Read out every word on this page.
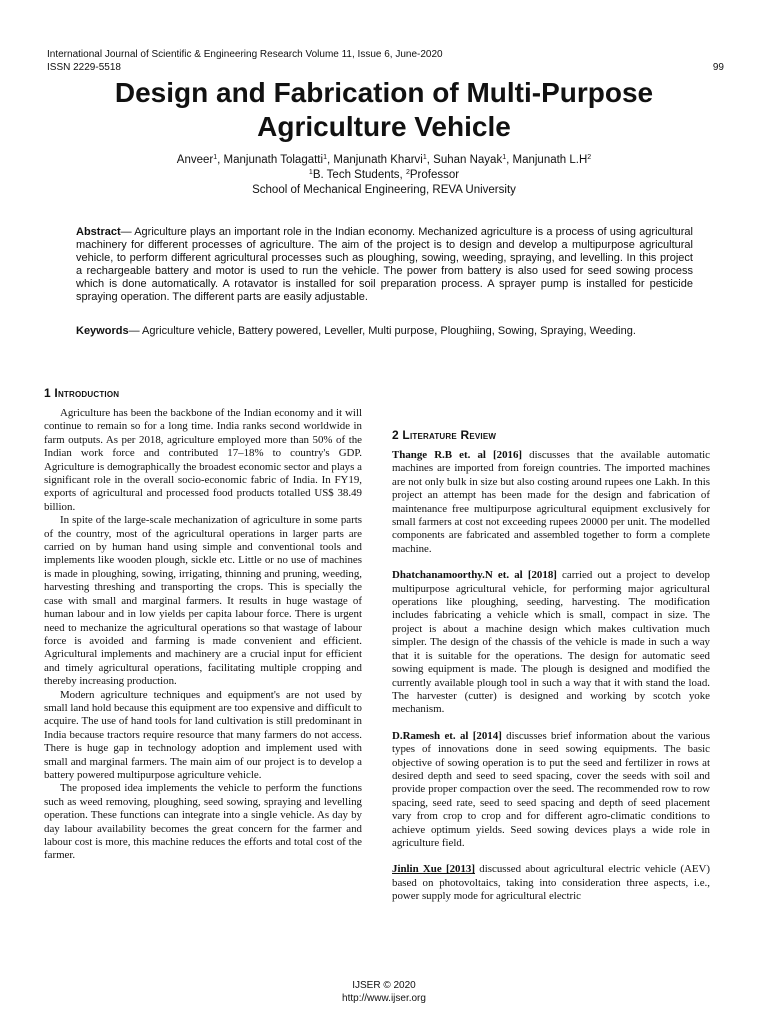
International Journal of Scientific & Engineering Research Volume 11, Issue 6, June-2020
ISSN 2229-5518	99
Design and Fabrication of Multi-Purpose Agriculture Vehicle
Anveer$^1$, Manjunath Tolagatti$^1$, Manjunath Kharvi$^1$, Suhan Nayak$^1$, Manjunath $L.H^2$
$^1$B. Tech Students, $^2$Professor
School of Mechanical Engineering, REVA University

Abstract— Agriculture plays an important role in the Indian economy. Mechanized agriculture is a process of using agricultural machinery for different processes of agriculture. The aim of the project is to design and develop a multipurpose agricultural vehicle, to perform different agricultural processes such as ploughing, sowing, weeding, spraying, and levelling. In this project a rechargeable battery and motor is used to run the vehicle. The power from battery is also used for seed sowing process which is done automatically. A rotavator is installed for soil preparation process. A sprayer pump is installed for pesticide spraying operation. The different parts are easily adjustable.

Keywords— Agriculture vehicle, Battery powered, Leveller, Multi purpose, Ploughiing, Sowing, Spraying, Weeding.

1 Introduction

Agriculture has been the backbone of the Indian economy and it will continue to remain so for a long time. India ranks second worldwide in farm outputs. As per 2018, agriculture employed more than 50% of the Indian work force and contributed 17–18% to country's GDP. Agriculture is demographically the broadest economic sector and plays a significant role in the overall socio-economic fabric of India. In FY19, exports of agricultural and processed food products totalled US$ 38.49 billion.

In spite of the large-scale mechanization of agriculture in some parts of the country, most of the agricultural operations in larger parts are carried on by human hand using simple and conventional tools and implements like wooden plough, sickle etc. Little or no use of machines is made in ploughing, sowing, irrigating, thinning and pruning, weeding, harvesting threshing and transporting the crops. This is specially the case with small and marginal farmers. It results in huge wastage of human labour and in low yields per capita labour force. There is urgent need to mechanize the agricultural operations so that wastage of labour force is avoided and farming is made convenient and efficient. Agricultural implements and machinery are a crucial input for efficient and timely agricultural operations, facilitating multiple cropping and thereby increasing production.

Modern agriculture techniques and equipment's are not used by small land hold because this equipment are too expensive and difficult to acquire. The use of hand tools for land cultivation is still predominant in India because tractors require resource that many farmers do not access. There is huge gap in technology adoption and implement used with small and marginal farmers. The main aim of our project is to develop a battery powered multipurpose agriculture vehicle.

The proposed idea implements the vehicle to perform the functions such as weed removing, ploughing, seed sowing, spraying and levelling operation. These functions can integrate into a single vehicle. As day by day labour availability becomes the great concern for the farmer and labour cost is more, this machine reduces the efforts and total cost of the farmer.

2 Literature Review

Thange R.B et. al [2016] discusses that the available automatic machines are imported from foreign countries. The imported machines are not only bulk in size but also costing around rupees one Lakh. In this project an attempt has been made for the design and fabrication of maintenance free multipurpose agricultural equipment exclusively for small farmers at cost not exceeding rupees 20000 per unit. The modelled components are fabricated and assembled together to form a complete machine.

Dhatchanamoorthy.N et. al [2018] carried out a project to develop multipurpose agricultural vehicle, for performing major agricultural operations like ploughing, seeding, harvesting. The modification includes fabricating a vehicle which is small, compact in size. The project is about a machine design which makes cultivation much simpler. The design of the chassis of the vehicle is made in such a way that it is suitable for the operations. The design for automatic seed sowing equipment is made. The plough is designed and modified the currently available plough tool in such a way that it with stand the load. The harvester (cutter) is designed and working by scotch yoke mechanism.

D.Ramesh et. al [2014] discusses brief information about the various types of innovations done in seed sowing equipments. The basic objective of sowing operation is to put the seed and fertilizer in rows at desired depth and seed to seed spacing, cover the seeds with soil and provide proper compaction over the seed. The recommended row to row spacing, seed rate, seed to seed spacing and depth of seed placement vary from crop to crop and for different agro-climatic conditions to achieve optimum yields. Seed sowing devices plays a wide role in agriculture field.

Jinlin Xue [2013] discussed about agricultural electric vehicle (AEV) based on photovoltaics, taking into consideration three aspects, i.e., power supply mode for agricultural electric

IJSER © 2020
http://www.ijser.org
